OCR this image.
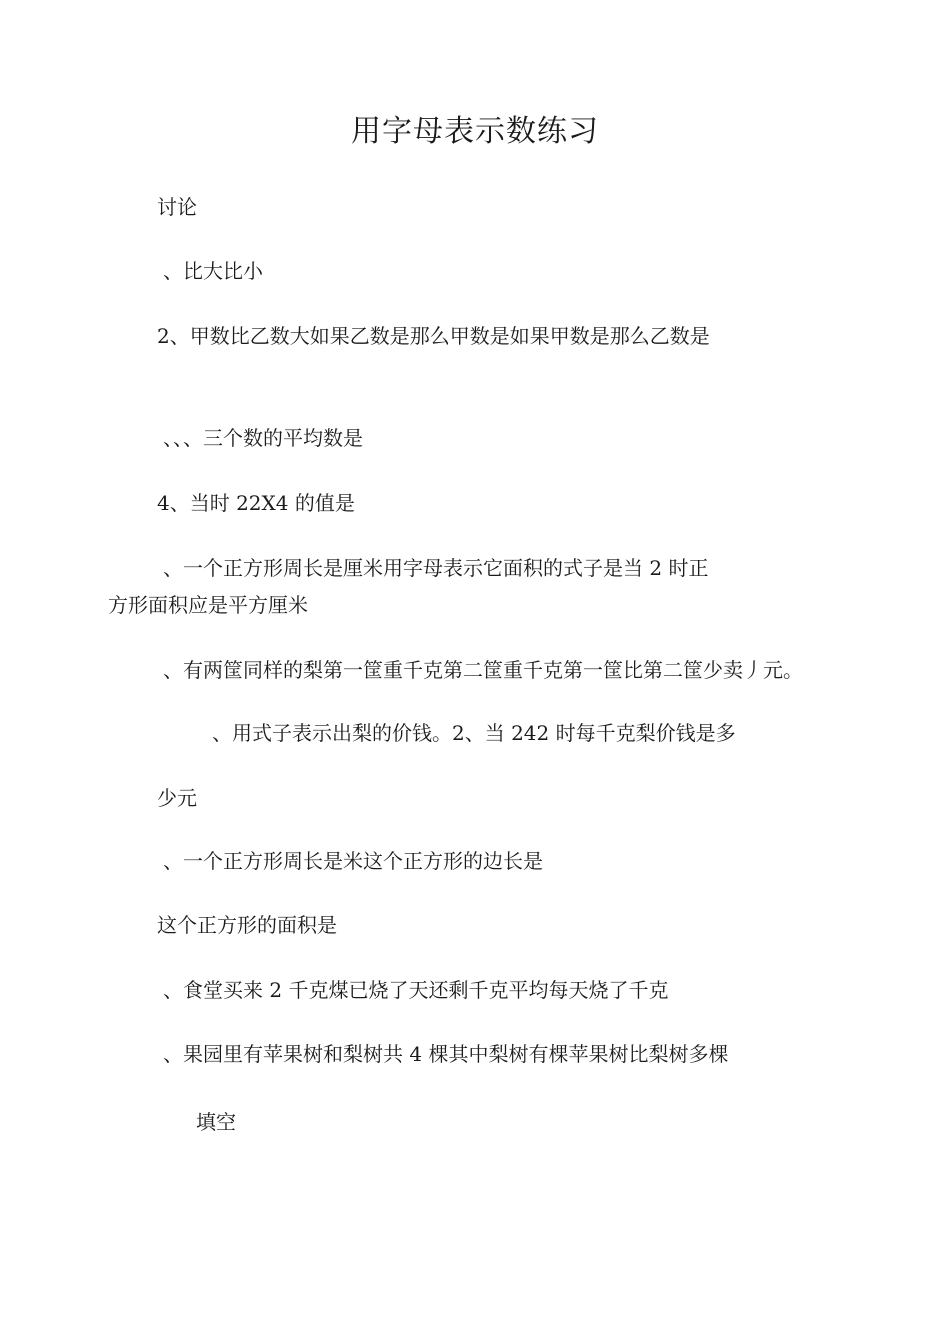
用字母表示数练习

讨论

、比大比小

2、甲数比乙数大如果乙数是那么甲数是如果甲数是那么乙数是

、、、三个数的平均数是

4、当时 22X4 的值是

、一个正方形周长是厘米用字母表示它面积的式子是当 2 时正

方形面积应是平方厘米

、有两筐同样的梨第一筐重千克第二筐重千克第一筐比第二筐少卖丿元。

、用式子表示出梨的价钱。2、当 242 时每千克梨价钱是多

少元

、一个正方形周长是米这个正方形的边长是

这个正方形的面积是

、食堂买来 2 千克煤已烧了天还剩千克平均每天烧了千克

、果园里有苹果树和梨树共 4 棵其中梨树有棵苹果树比梨树多棵

填空
